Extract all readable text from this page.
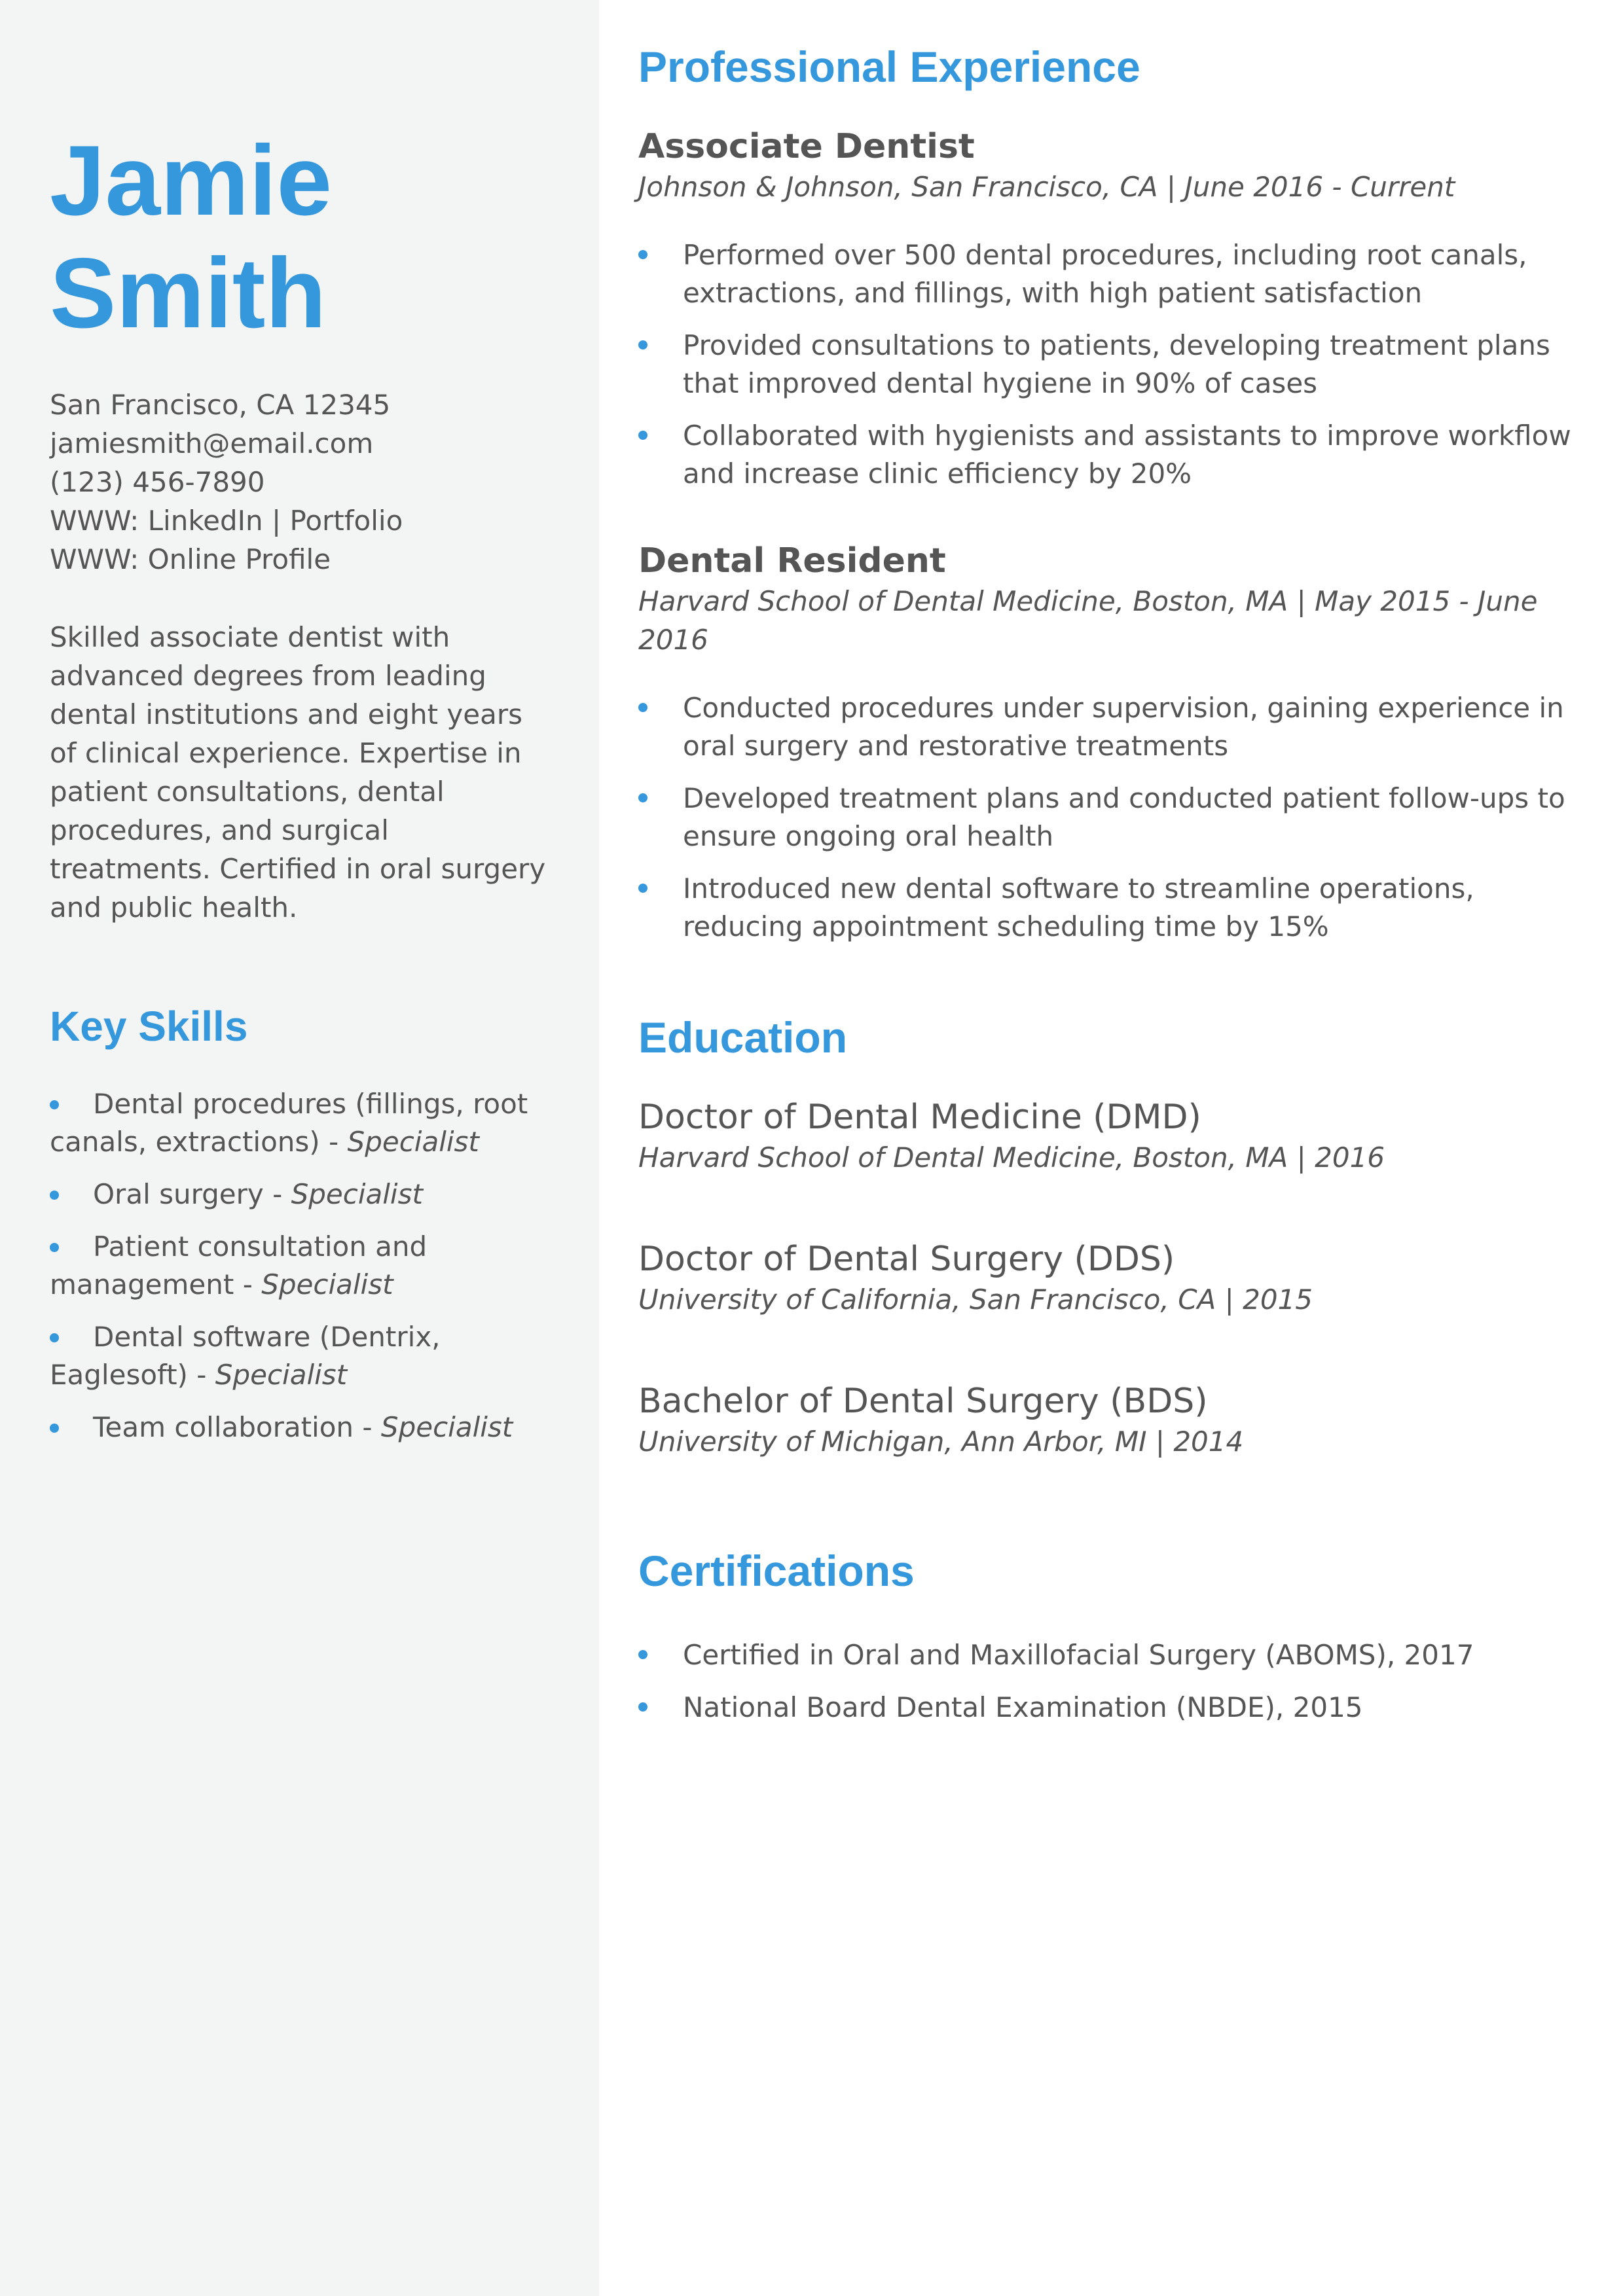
Jamie
Smith
San Francisco, CA 12345
jamiesmith@email.com
(123) 456-7890
WWW: LinkedIn | Portfolio
WWW: Online Profile
Skilled associate dentist with advanced degrees from leading dental institutions and eight years of clinical experience. Expertise in patient consultations, dental procedures, and surgical treatments. Certified in oral surgery and public health.
Key Skills
Dental procedures (fillings, root canals, extractions) - Specialist
Oral surgery - Specialist
Patient consultation and management - Specialist
Dental software (Dentrix, Eaglesoft) - Specialist
Team collaboration - Specialist
Professional Experience
Associate Dentist

Johnson & Johnson, San Francisco, CA | June 2016 - Current

Performed over 500 dental procedures, including root canals, extractions, and fillings, with high patient satisfaction
Provided consultations to patients, developing treatment plans that improved dental hygiene in 90% of cases
Collaborated with hygienists and assistants to improve workflow and increase clinic efficiency by 20%
Dental Resident

Harvard School of Dental Medicine, Boston, MA | May 2015 - June 2016

Conducted procedures under supervision, gaining experience in oral surgery and restorative treatments
Developed treatment plans and conducted patient follow-ups to ensure ongoing oral health
Introduced new dental software to streamline operations, reducing appointment scheduling time by 15%
Education

Doctor of Dental Medicine (DMD)

Harvard School of Dental Medicine, Boston, MA | 2016

Doctor of Dental Surgery (DDS)

University of California, San Francisco, CA | 2015

Bachelor of Dental Surgery (BDS)

University of Michigan, Ann Arbor, MI | 2014

Certifications
Certified in Oral and Maxillofacial Surgery (ABOMS), 2017
National Board Dental Examination (NBDE), 2015
